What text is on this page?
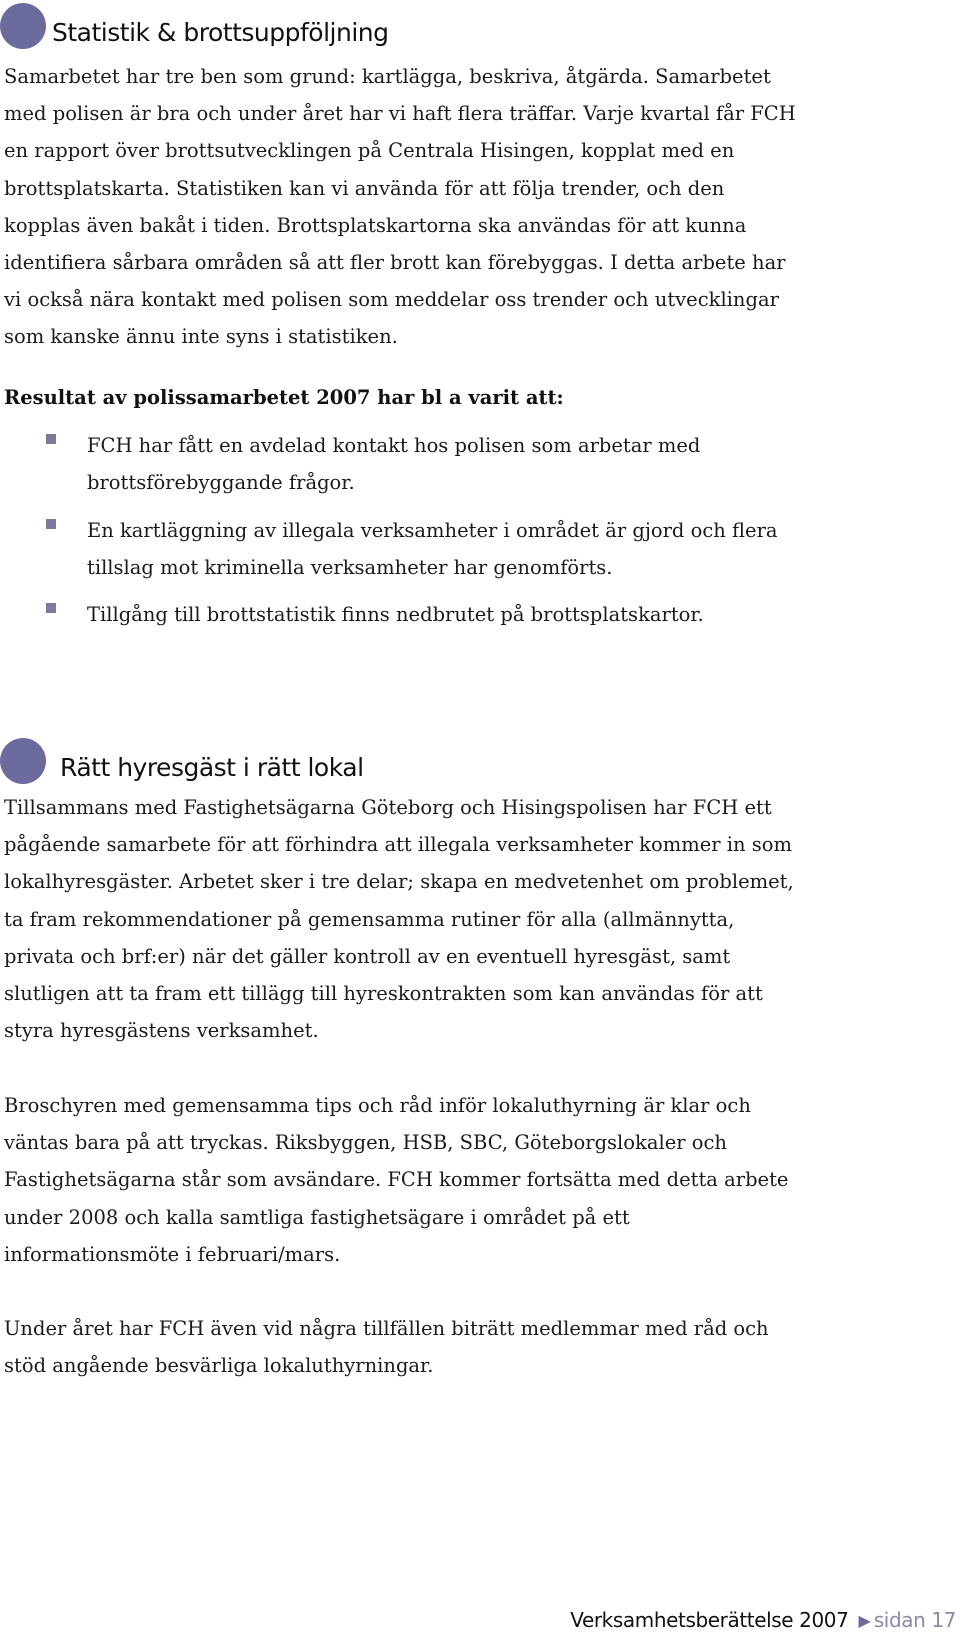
Statistik & brottsuppföljning

Samarbetet har tre ben som grund: kartlägga, beskriva, åtgärda. Samarbetet med polisen är bra och under året har vi haft flera träffar. Varje kvartal får FCH en rapport över brottsutvecklingen på Centrala Hisingen, kopplat med en brottsplatskarta. Statistiken kan vi använda för att följa trender, och den kopplas även bakåt i tiden. Brottsplatskartorna ska användas för att kunna identifiera sårbara områden så att fler brott kan förebyggas. I detta arbete har vi också nära kontakt med polisen som meddelar oss trender och utvecklingar som kanske ännu inte syns i statistiken.

Resultat av polissamarbetet 2007 har bl a varit att:

FCH har fått en avdelad kontakt hos polisen som arbetar med brottsförebyggande frågor.
En kartläggning av illegala verksamheter i området är gjord och flera tillslag mot kriminella verksamheter har genomförts.
Tillgång till brottstatistik finns nedbrutet på brottsplatskartor.
Rätt hyresgäst i rätt lokal

Tillsammans med Fastighetsägarna Göteborg och Hisingspolisen har FCH ett pågående samarbete för att förhindra att illegala verksamheter kommer in som lokalhyresgäster. Arbetet sker i tre delar; skapa en medvetenhet om problemet, ta fram rekommendationer på gemensamma rutiner för alla (allmännytta, privata och brf:er) när det gäller kontroll av en eventuell hyresgäst, samt slutligen att ta fram ett tillägg till hyreskontrakten som kan användas för att styra hyresgästens verksamhet.

Broschyren med gemensamma tips och råd inför lokaluthyrning är klar och väntas bara på att tryckas. Riksbyggen, HSB, SBC, Göteborgslokaler och Fastighetsägarna står som avsändare. FCH kommer fortsätta med detta arbete under 2008 och kalla samtliga fastighetsägare i området på ett informationsmöte i februari/mars.

Under året har FCH även vid några tillfällen biträtt medlemmar med råd och stöd angående besvärliga lokaluthyrningar.

Verksamhetsberättelse 2007 ▶ sidan 17
